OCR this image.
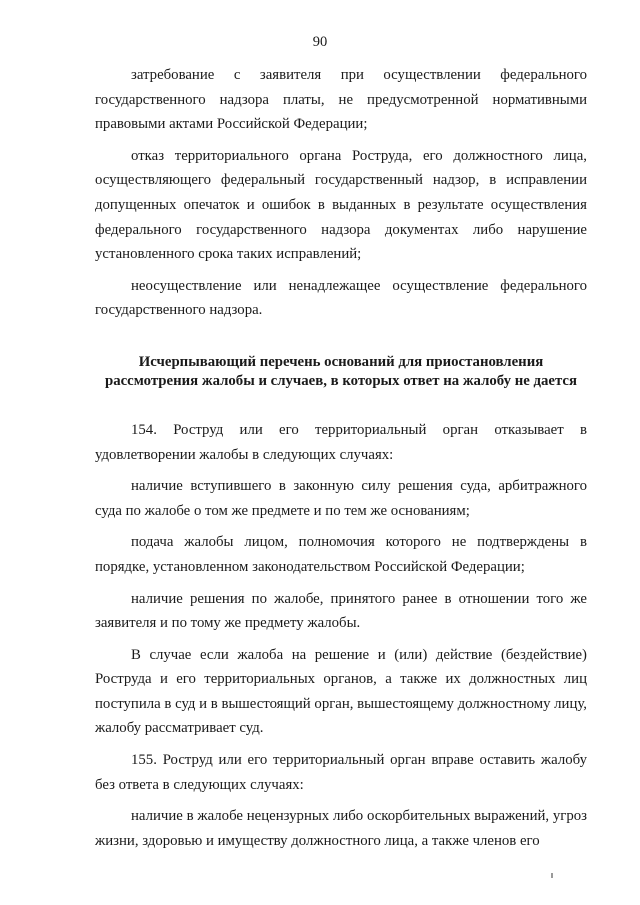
90

затребование с заявителя при осуществлении федерального государственного надзора платы, не предусмотренной нормативными правовыми актами Российской Федерации;

отказ территориального органа Роструда, его должностного лица, осуществляющего федеральный государственный надзор, в исправлении допущенных опечаток и ошибок в выданных в результате осуществления федерального государственного надзора документах либо нарушение установленного срока таких исправлений;

неосуществление или ненадлежащее осуществление федерального государственного надзора.

Исчерпывающий перечень оснований для приостановления
рассмотрения жалобы и случаев, в которых ответ на жалобу не дается

154. Роструд или его территориальный орган отказывает в удовлетворении жалобы в следующих случаях:

наличие вступившего в законную силу решения суда, арбитражного суда по жалобе о том же предмете и по тем же основаниям;

подача жалобы лицом, полномочия которого не подтверждены в порядке, установленном законодательством Российской Федерации;

наличие решения по жалобе, принятого ранее в отношении того же заявителя и по тому же предмету жалобы.

В случае если жалоба на решение и (или) действие (бездействие) Роструда и его территориальных органов, а также их должностных лиц поступила в суд и в вышестоящий орган, вышестоящему должностному лицу, жалобу рассматривает суд.

155. Роструд или его территориальный орган вправе оставить жалобу без ответа в следующих случаях:

наличие в жалобе нецензурных либо оскорбительных выражений, угроз жизни, здоровью и имуществу должностного лица, а также членов его
